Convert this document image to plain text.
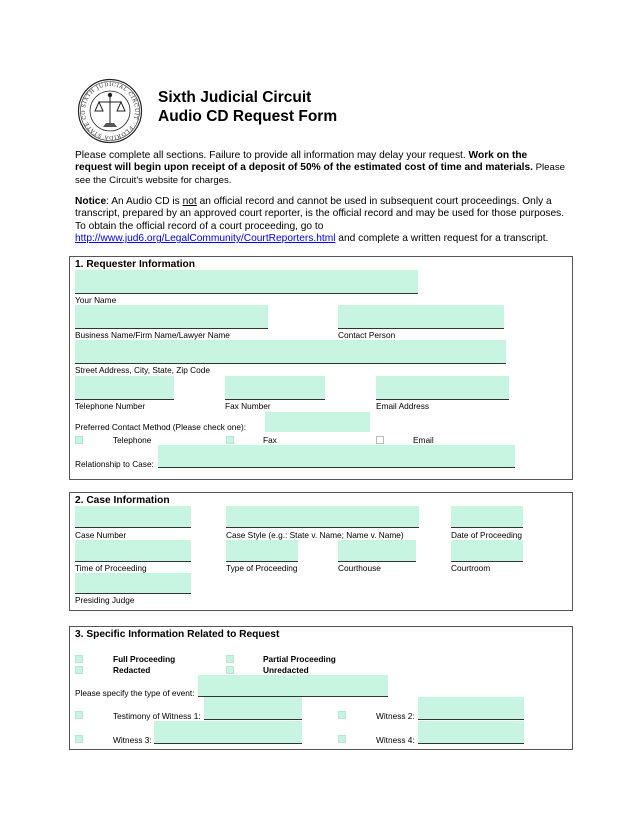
SIXTH JUDICIAL CIRCUIT · FLORIDA STATE CO
Sixth Judicial Circuit
Audio CD Request Form
Please complete all sections. Failure to provide all information may delay your request. Work on the request will begin upon receipt of a deposit of 50% of the estimated cost of time and materials. Please see the Circuit's website for charges.
Notice: An Audio CD is not an official record and cannot be used in subsequent court proceedings. Only a transcript, prepared by an approved court reporter, is the official record and may be used for those purposes. To obtain the official record of a court proceeding, go to http://www.jud6.org/LegalCommunity/CourtReporters.html and complete a written request for a transcript.
1. Requester Information
Your Name
Business Name/Firm Name/Lawyer Name	Contact Person
Street Address, City, State, Zip Code
Telephone Number	Fax Number	Email Address
Preferred Contact Method (Please check one):
Telephone	Fax	Email
Relationship to Case:
2. Case Information
Case Number	Case Style (e.g.: State v. Name; Name v. Name)	Date of Proceeding
Time of Proceeding	Type of Proceeding	Courthouse	Courtroom
Presiding Judge
3. Specific Information Related to Request
Full Proceeding	Partial Proceeding
Redacted	Unredacted
Please specify the type of event:
Testimony of Witness 1:	Witness 2:
Witness 3:	Witness 4:
